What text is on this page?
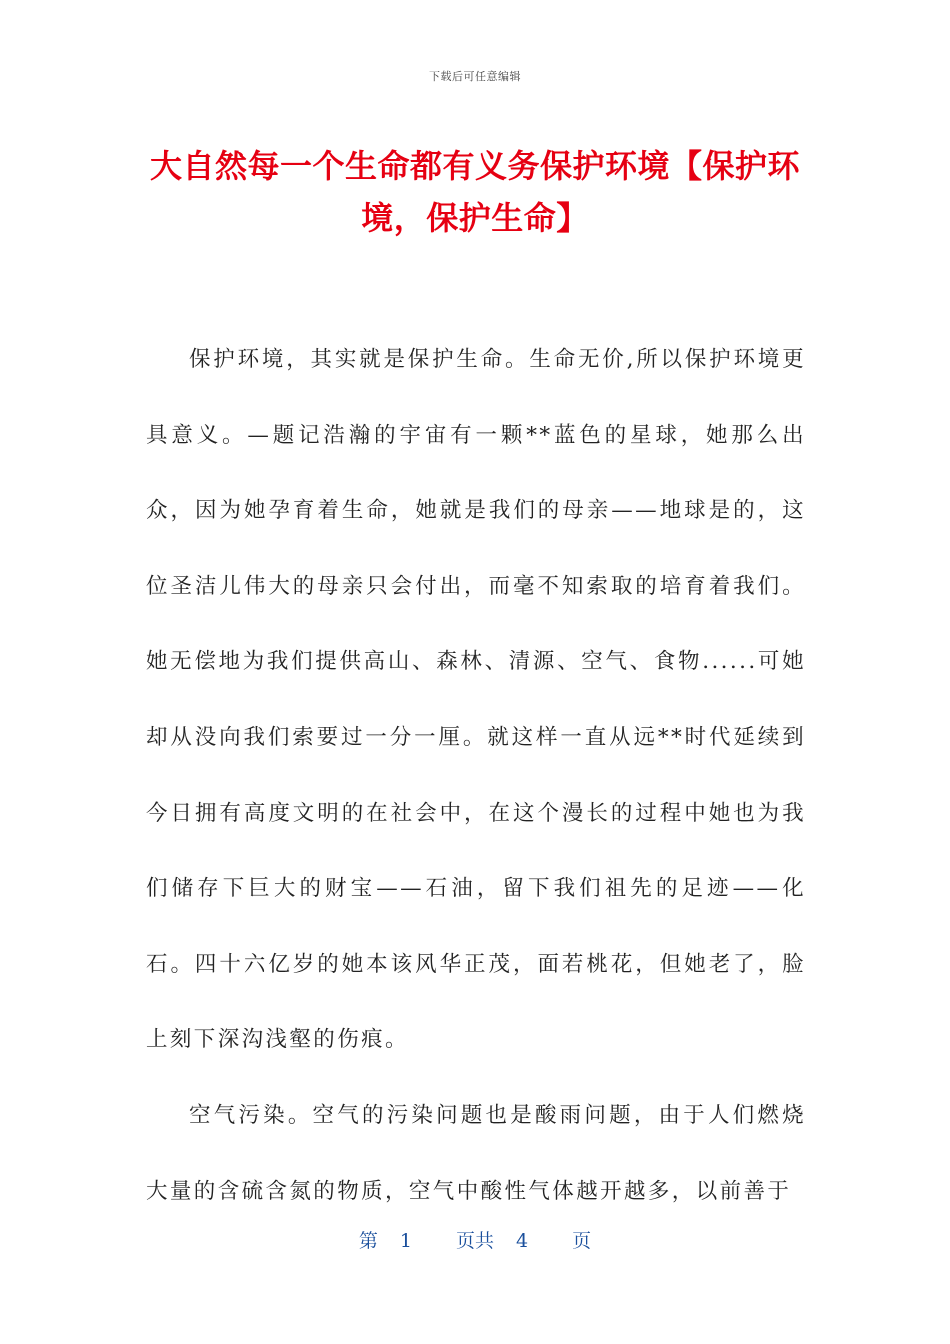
下载后可任意编辑
大自然每一个生命都有义务保护环境【保护环境，保护生命】

保护环境，其实就是保护生命。生命无价,所以保护环境更具意义。—题记浩瀚的宇宙有一颗**蓝色的星球，她那么出众，因为她孕育着生命，她就是我们的母亲——地球是的，这位圣洁儿伟大的母亲只会付出，而毫不知索取的培育着我们。她无偿地为我们提供高山、森林、清源、空气、食物......可她却从没向我们索要过一分一厘。就这样一直从远**时代延续到今日拥有高度文明的在社会中，在这个漫长的过程中她也为我们储存下巨大的财宝——石油，留下我们祖先的足迹——化石。四十六亿岁的她本该风华正茂，面若桃花，但她老了，脸上刻下深沟浅壑的伤痕。

空气污染。空气的污染问题也是酸雨问题，由于人们燃烧大量的含硫含氮的物质，空气中酸性气体越开越多，以前善于

第 1 页共 4 页
